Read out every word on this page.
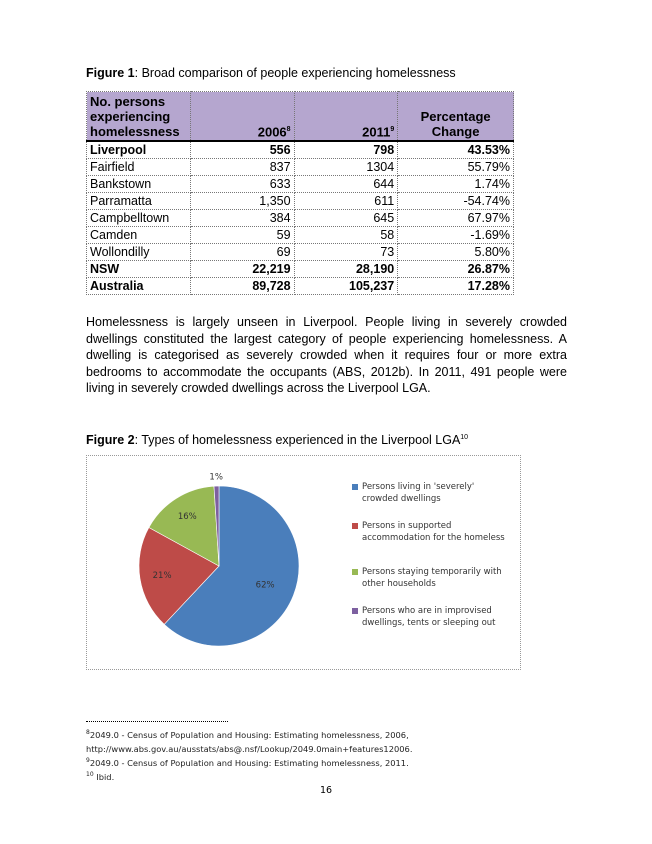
Figure 1: Broad comparison of people experiencing homelessness
No. persons experiencing homelessness	2006$^8$	2011$^9$	Percentage Change
Liverpool	556	798	43.53%
Fairfield	837	1304	55.79%
Bankstown	633	644	1.74%
Parramatta	1,350	611	-54.74%
Campbelltown	384	645	67.97%
Camden	59	58	-1.69%
Wollondilly	69	73	5.80%
NSW	22,219	28,190	26.87%
Australia	89,728	105,237	17.28%
Homelessness is largely unseen in Liverpool. People living in severely crowded dwellings constituted the largest category of people experiencing homelessness. A dwelling is categorised as severely crowded when it requires four or more extra bedrooms to accommodate the occupants (ABS, 2012b). In 2011, 491 people were living in severely crowded dwellings across the Liverpool LGA.
Figure 2: Types of homelessness experienced in the Liverpool LGA$^{10}$
62%
21%
16%
1%
Persons living in 'severely' crowded dwellings
Persons in supported accommodation for the homeless
Persons staying temporarily with other households
Persons who are in improvised dwellings, tents or sleeping out
$^8$2049.0 - Census of Population and Housing: Estimating homelessness, 2006,
http://www.abs.gov.au/ausstats/abs@.nsf/Lookup/2049.0main+features12006.
$^9$2049.0 - Census of Population and Housing: Estimating homelessness, 2011.
$^{10}$ Ibid.
16
